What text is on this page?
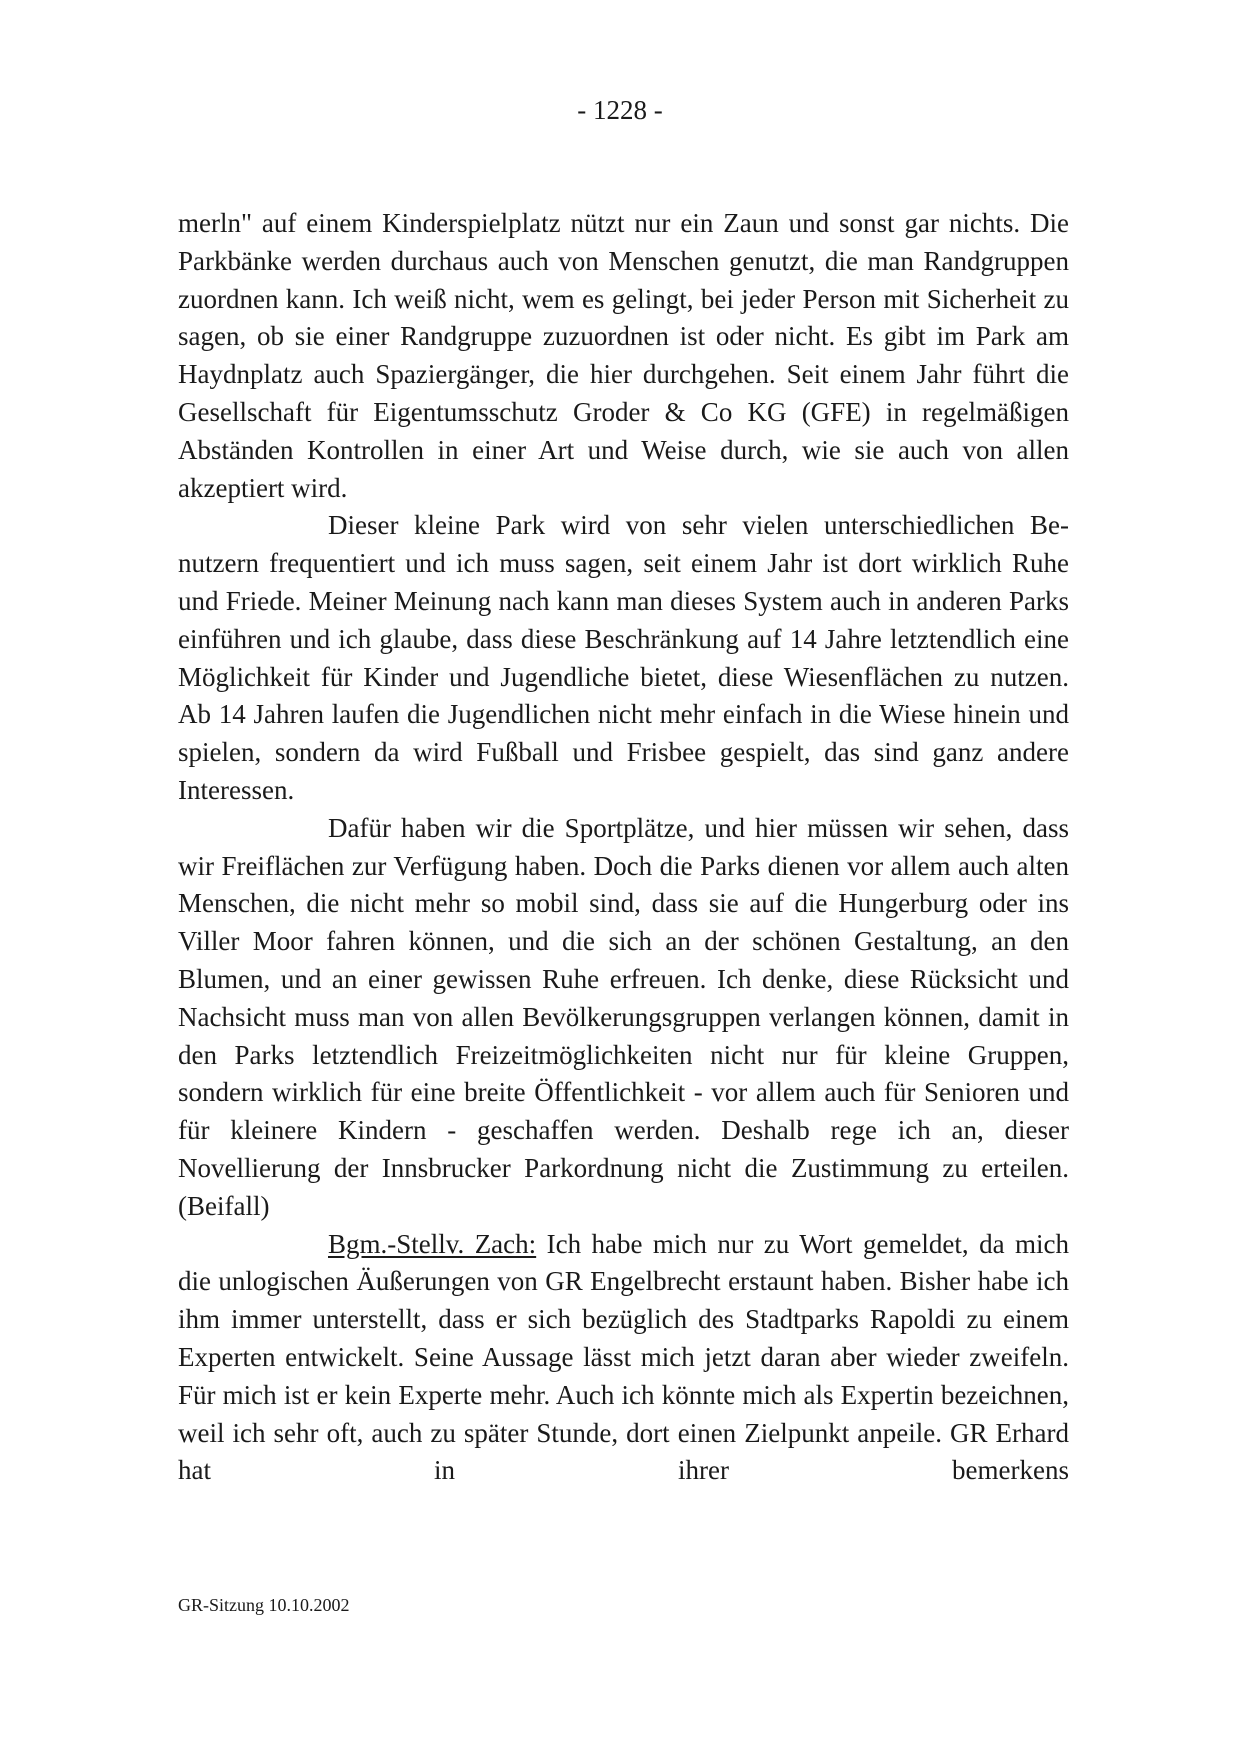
- 1228 -

merln" auf einem Kinderspielplatz nützt nur ein Zaun und sonst gar nichts. Die Parkbänke werden durchaus auch von Menschen genutzt, die man Randgruppen zuordnen kann. Ich weiß nicht, wem es gelingt, bei jeder Person mit Sicherheit zu sagen, ob sie einer Randgruppe zuzuordnen ist oder nicht. Es gibt im Park am Haydnplatz auch Spaziergänger, die hier durchgehen. Seit einem Jahr führt die Gesellschaft für Eigentumsschutz Groder & Co KG (GFE) in regelmäßigen Abständen Kontrollen in einer Art und Weise durch, wie sie auch von allen akzeptiert wird.

Dieser kleine Park wird von sehr vielen unterschiedlichen Benutzern frequentiert und ich muss sagen, seit einem Jahr ist dort wirklich Ruhe und Friede. Meiner Meinung nach kann man dieses System auch in anderen Parks einführen und ich glaube, dass diese Beschränkung auf 14 Jahre letztendlich eine Möglichkeit für Kinder und Jugendliche bietet, diese Wiesenflächen zu nutzen. Ab 14 Jahren laufen die Jugendlichen nicht mehr einfach in die Wiese hinein und spielen, sondern da wird Fußball und Frisbee gespielt, das sind ganz andere Interessen.

Dafür haben wir die Sportplätze, und hier müssen wir sehen, dass wir Freiflächen zur Verfügung haben. Doch die Parks dienen vor allem auch alten Menschen, die nicht mehr so mobil sind, dass sie auf die Hungerburg oder ins Viller Moor fahren können, und die sich an der schönen Gestaltung, an den Blumen, und an einer gewissen Ruhe erfreuen. Ich denke, diese Rücksicht und Nachsicht muss man von allen Bevölkerungsgruppen verlangen können, damit in den Parks letztendlich Freizeitmöglichkeiten nicht nur für kleine Gruppen, sondern wirklich für eine breite Öffentlichkeit - vor allem auch für Senioren und für kleinere Kindern - geschaffen werden. Deshalb rege ich an, dieser Novellierung der Innsbrucker Parkordnung nicht die Zustimmung zu erteilen. (Beifall)

Bgm.-Stellv. Zach: Ich habe mich nur zu Wort gemeldet, da mich die unlogischen Äußerungen von GR Engelbrecht erstaunt haben. Bisher habe ich ihm immer unterstellt, dass er sich bezüglich des Stadtparks Rapoldi zu einem Experten entwickelt. Seine Aussage lässt mich jetzt daran aber wieder zweifeln. Für mich ist er kein Experte mehr. Auch ich könnte mich als Expertin bezeichnen, weil ich sehr oft, auch zu später Stunde, dort einen Zielpunkt anpeile. GR Erhard hat in ihrer bemerkens

GR-Sitzung 10.10.2002
